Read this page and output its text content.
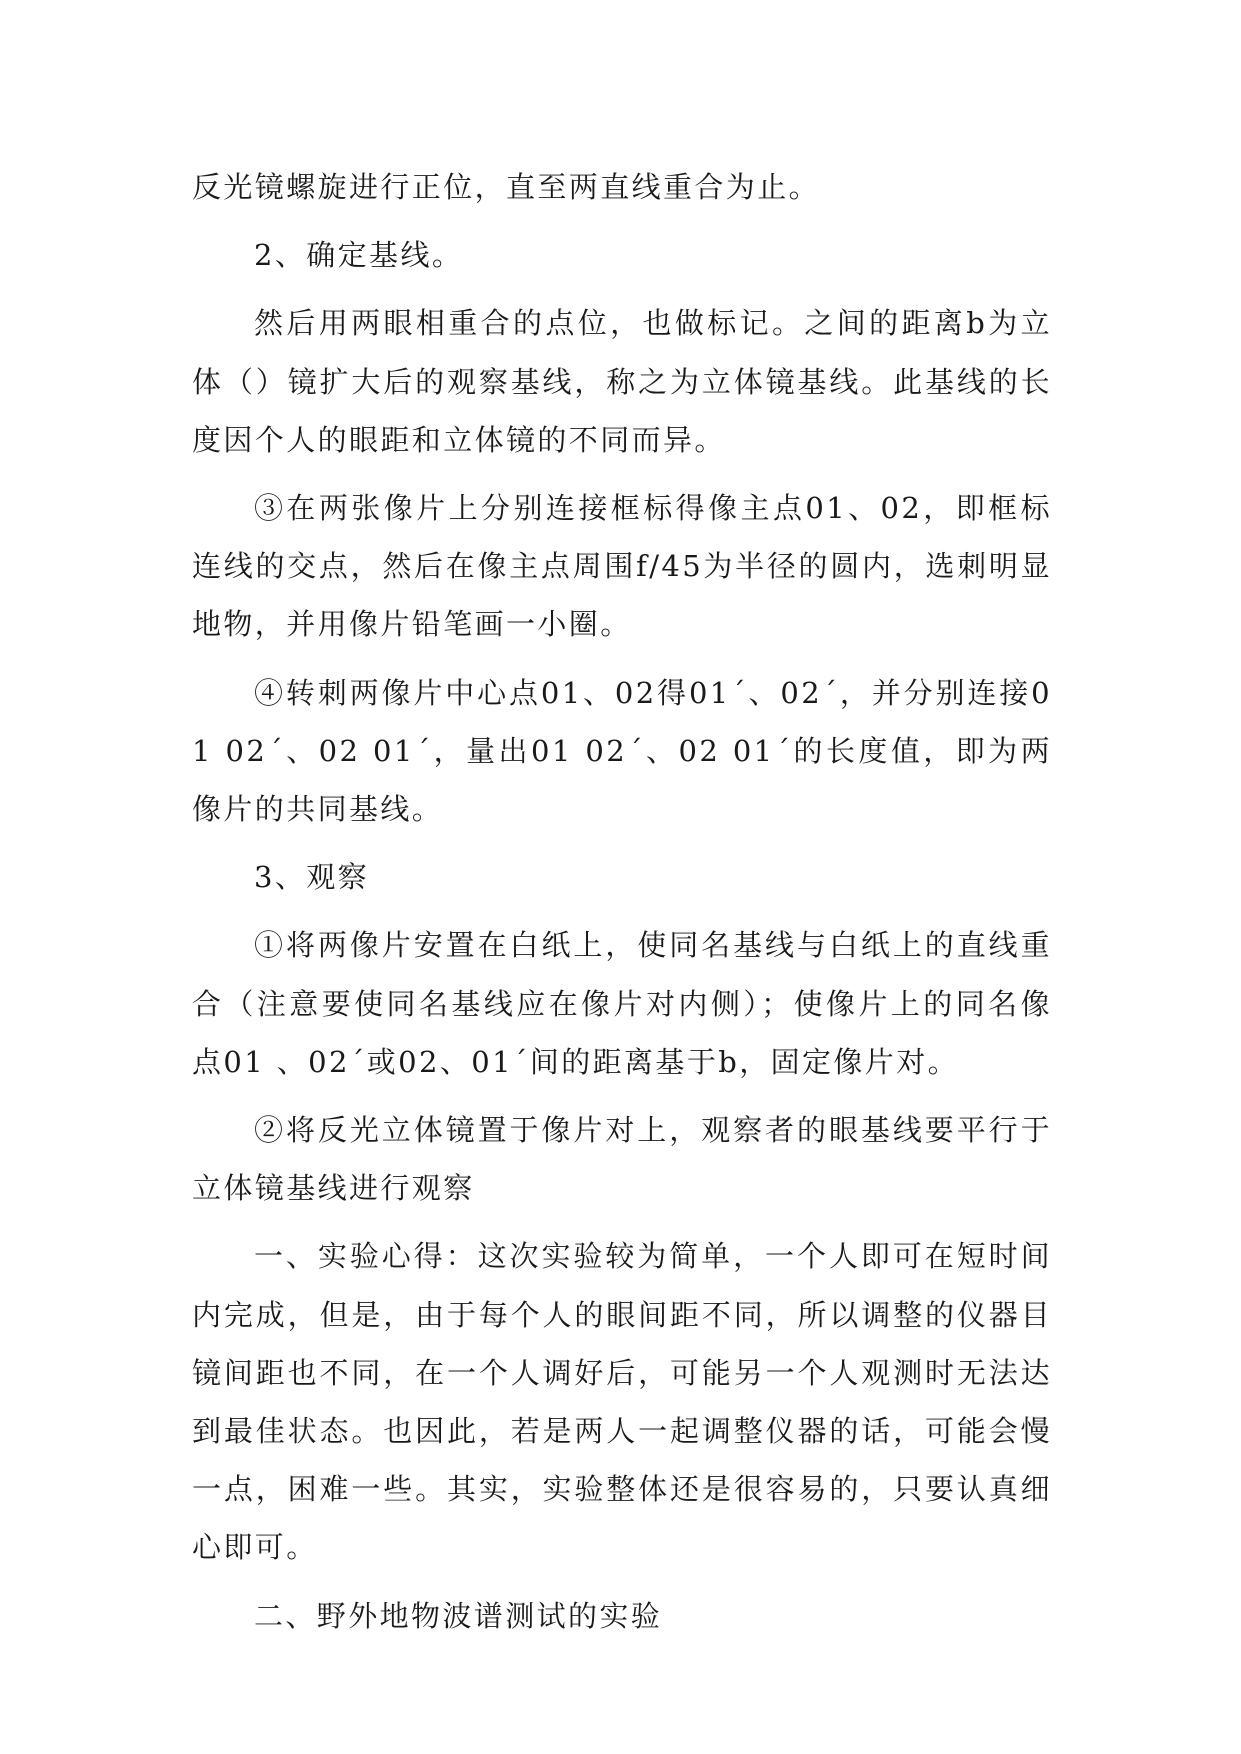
反光镜螺旋进行正位，直至两直线重合为止。

2、确定基线。

然后用两眼相重合的点位，也做标记。之间的距离b为立体（）镜扩大后的观察基线，称之为立体镜基线。此基线的长度因个人的眼距和立体镜的不同而异。

③在两张像片上分别连接框标得像主点01、02，即框标连线的交点，然后在像主点周围f/45为半径的圆内，选刺明显地物，并用像片铅笔画一小圈。

④转刺两像片中心点01、02得01ˊ、02ˊ，并分别连接01 02ˊ、02 01ˊ，量出01 02ˊ、02 01ˊ的长度值，即为两像片的共同基线。

3、观察

①将两像片安置在白纸上，使同名基线与白纸上的直线重合（注意要使同名基线应在像片对内侧）；使像片上的同名像点01 、02ˊ或02、01ˊ间的距离基于b，固定像片对。

②将反光立体镜置于像片对上，观察者的眼基线要平行于立体镜基线进行观察

一、实验心得：这次实验较为简单，一个人即可在短时间内完成，但是，由于每个人的眼间距不同，所以调整的仪器目镜间距也不同，在一个人调好后，可能另一个人观测时无法达到最佳状态。也因此，若是两人一起调整仪器的话，可能会慢一点，困难一些。其实，实验整体还是很容易的，只要认真细心即可。

二、野外地物波谱测试的实验
